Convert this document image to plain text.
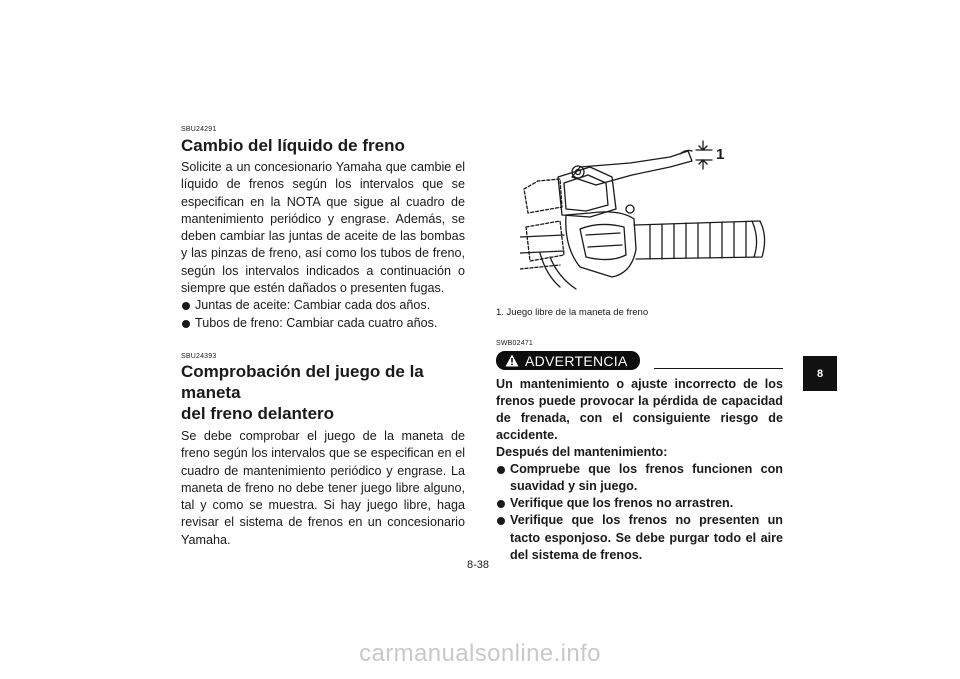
SBU24291

Cambio del líquido de freno

Solicite a un concesionario Yamaha que cambie el líquido de frenos según los intervalos que se especifican en la NOTA que sigue al cuadro de mantenimiento periódico y engrase. Además, se deben cambiar las juntas de aceite de las bombas y las pinzas de freno, así como los tubos de freno, según los intervalos indicados a continuación o siempre que estén dañados o presenten fugas.

Juntas de aceite: Cambiar cada dos años.
Tubos de freno: Cambiar cada cuatro años.

SBU24393

Comprobación del juego de la maneta
del freno delantero

Se debe comprobar el juego de la maneta de freno según los intervalos que se especifican en el cuadro de mantenimiento periódico y engrase. La maneta de freno no debe tener juego libre alguno, tal y como se muestra. Si hay juego libre, haga revisar el sistema de frenos en un concesionario Yamaha.

1
1. Juego libre de la maneta de freno

SWB02471

ADVERTENCIA

Un mantenimiento o ajuste incorrecto de los frenos puede provocar la pérdida de capacidad de frenada, con el consiguiente riesgo de accidente.

Después del mantenimiento:

Compruebe que los frenos funcionen con suavidad y sin juego.
Verifique que los frenos no arrastren.
Verifique que los frenos no presenten un tacto esponjoso. Se debe purgar todo el aire del sistema de frenos.
8-38
8
carmanualsonline.info
